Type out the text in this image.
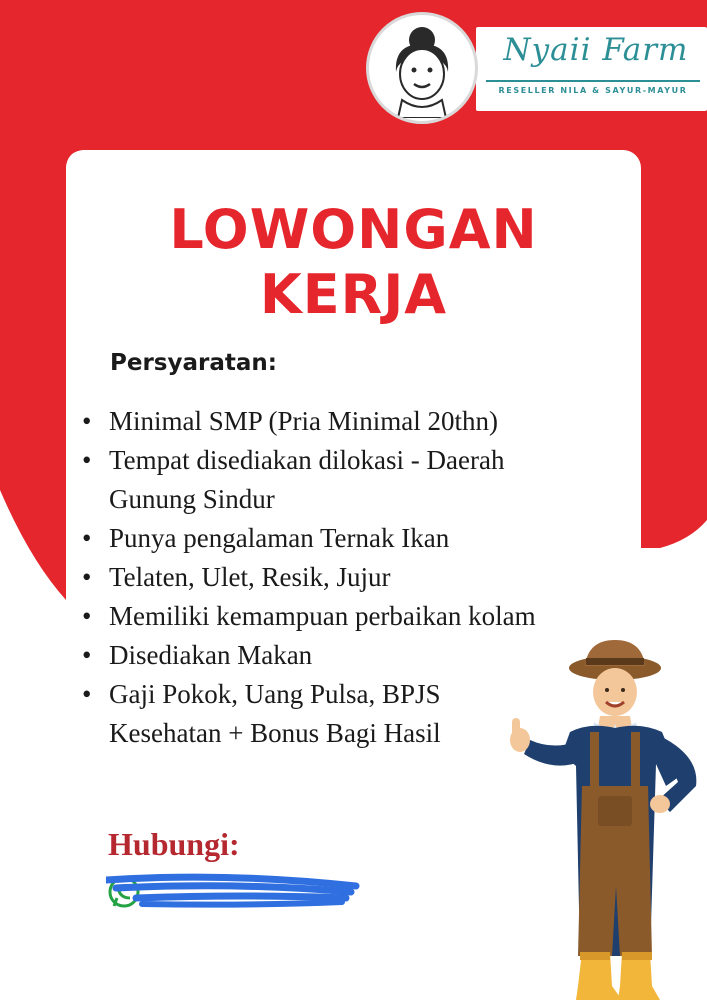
Nyaii Farm
RESELLER NILA & SAYUR-MAYUR
LOWONGAN
KERJA
Persyaratan:
• Minimal SMP (Pria Minimal 20thn)
• Tempat disediakan dilokasi - Daerah Gunung Sindur
• Punya pengalaman Ternak Ikan
• Telaten, Ulet, Resik, Jujur
• Memiliki kemampuan perbaikan kolam
• Disediakan Makan
• Gaji Pokok, Uang Pulsa, BPJS Kesehatan + Bonus Bagi Hasil
Hubungi:
